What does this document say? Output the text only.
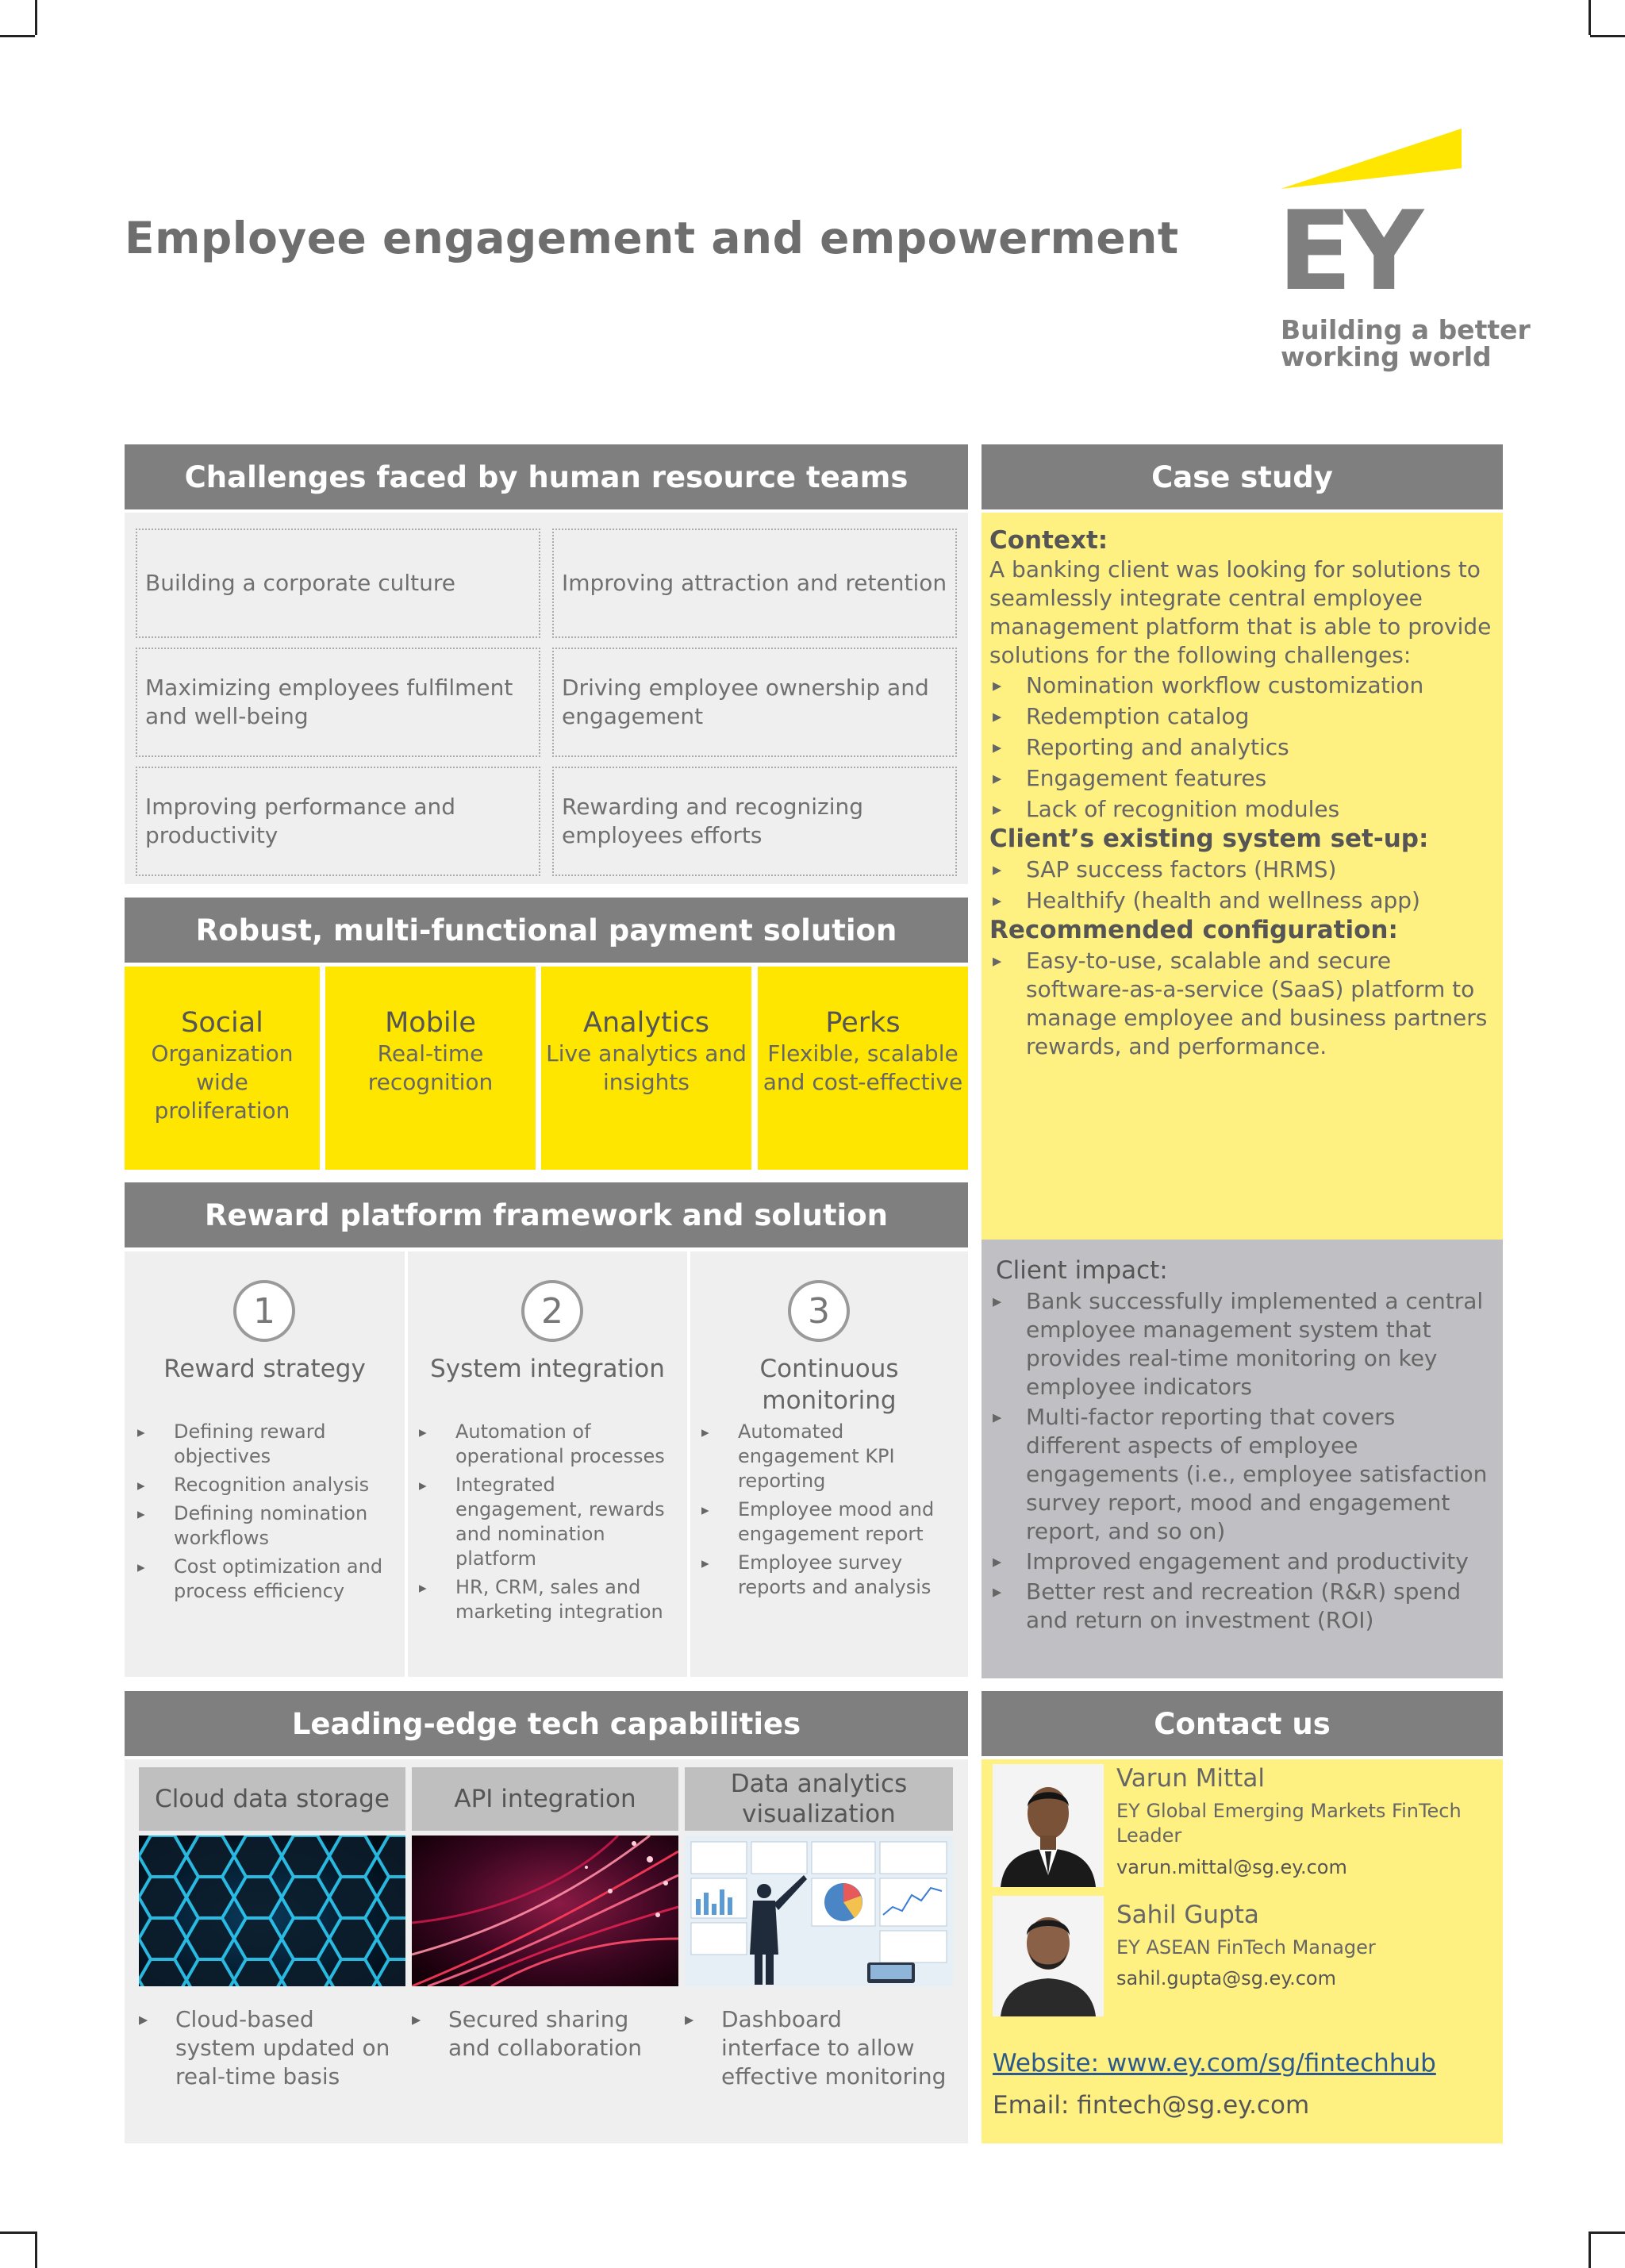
Employee engagement and empowerment EY
Building a better
working world
Challenges faced by human resource teams
Building a corporate culture	Improving attraction and retention
Maximizing employees fulfilment and well-being
Driving employee ownership and engagement
Improving performance and productivity
Rewarding and recognizing employees efforts
Robust, multi-functional payment solution
Social
Organization wide proliferation
Mobile
Real-time recognition
Analytics
Live analytics and insights
Perks
Flexible, scalable and cost-effective
Reward platform framework and solution
1
Reward strategy
▸ Defining reward objectives
▸ Recognition analysis
▸ Defining nomination workflows
▸ Cost optimization and process efficiency
2
System integration
▸ Automation of operational processes
▸ Integrated engagement, rewards and nomination platform
▸ HR, CRM, sales and marketing integration
3
Continuous monitoring
▸ Automated engagement KPI reporting
▸ Employee mood and engagement report
▸ Employee survey reports and analysis
Leading-edge tech capabilities
Cloud data storage	API integration
Data analytics visualization
▸ Cloud-based system updated on real-time basis
▸ Secured sharing and collaboration
▸ Dashboard interface to allow effective monitoring
Case study
Context:
A banking client was looking for solutions to seamlessly integrate central employee management platform that is able to provide solutions for the following challenges:
▸ Nomination workflow customization
▸ Redemption catalog
▸ Reporting and analytics
▸ Engagement features
▸ Lack of recognition modules
Client’s existing system set-up:
▸ SAP success factors (HRMS)
▸ Healthify (health and wellness app)
Recommended configuration:
▸ Easy-to-use, scalable and secure software-as-a-service (SaaS) platform to manage employee and business partners rewards, and performance.
Client impact:
▸ Bank successfully implemented a central employee management system that provides real-time monitoring on key employee indicators
▸ Multi-factor reporting that covers different aspects of employee engagements (i.e., employee satisfaction survey report, mood and engagement report, and so on)
▸ Improved engagement and productivity
▸ Better rest and recreation (R&R) spend and return on investment (ROI)
Contact us
Varun Mittal
EY Global Emerging Markets FinTech Leader
varun.mittal@sg.ey.com
Sahil Gupta
EY ASEAN FinTech Manager
sahil.gupta@sg.ey.com
Website: www.ey.com/sg/fintechhub
Email: fintech@sg.ey.com
